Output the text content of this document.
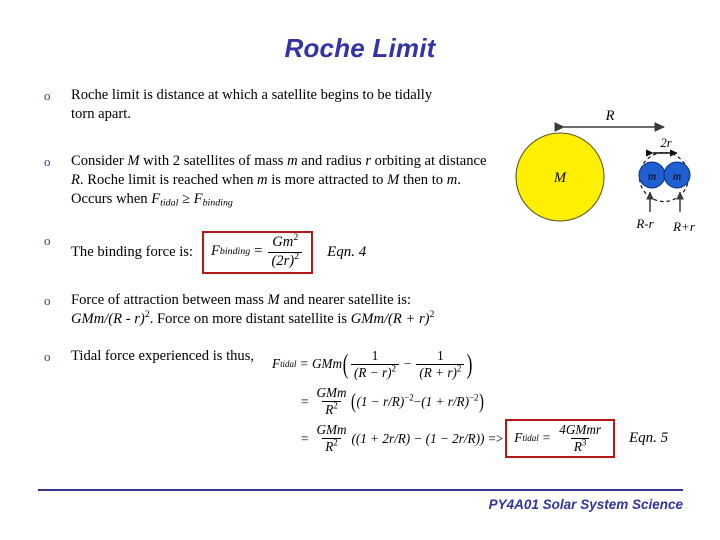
Roche Limit
o Roche limit is distance at which a satellite begins to be tidally
torn apart.
o Consider M with 2 satellites of mass m and radius r orbiting at distance R. Roche limit is reached when m is more attracted to M then to m. Occurs when $F_{tidal} \ge F_{binding}$
o
The binding force is: F binding = $\frac{Gm^2}{(2r)^2}$ Eqn. 4
o Force of attraction between mass M and nearer satellite is:
GMm/(R - r)$^2$. Force on more distant satellite is $GMm/(R + r)^2$
o Tidal force experienced is thus, F tidal = GMm ( $\frac{1}{(R - r)^2} - \frac{1}{(R + r)^2}$ )
= $\frac{\text{GMm}}{R^2}$ ( $(1 - r/R)^{-2} - (1 + r/R)^{-2}$ )
= $\frac{\text{GMm}}{R^2} ((1 + 2r/R) - (1 - 2r/R)) => F$ tidal = $\frac{\text{4GMmr}}{R^3}$ Eqn. 5
R
M	m m
2r
R-r R+r
PY4A01 Solar System Science
